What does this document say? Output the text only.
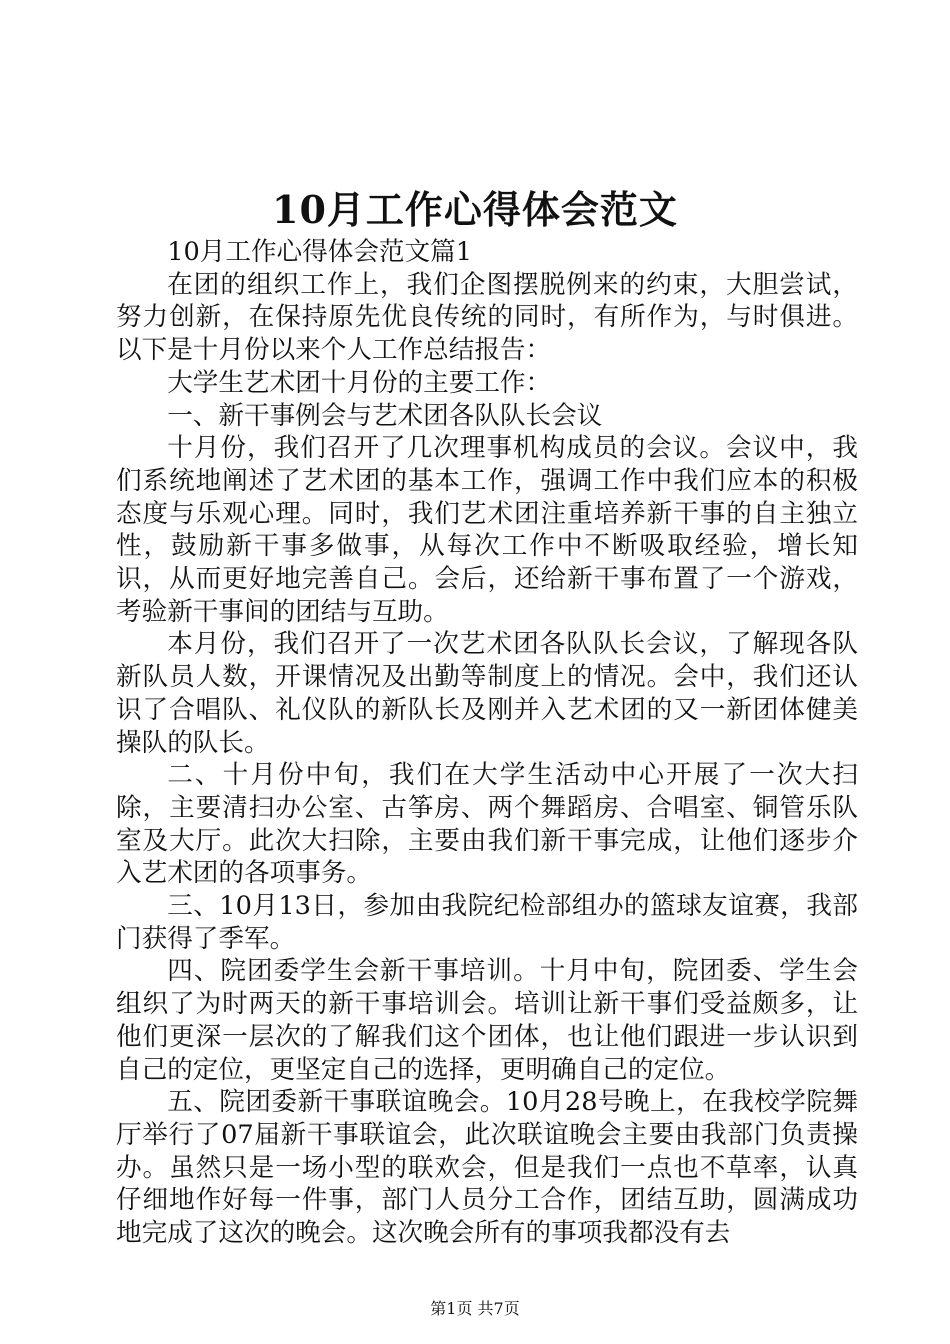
10月工作心得体会范文

10月工作心得体会范文篇1

在团的组织工作上，我们企图摆脱例来的约束，大胆尝试，努力创新，在保持原先优良传统的同时，有所作为，与时俱进。以下是十月份以来个人工作总结报告：

大学生艺术团十月份的主要工作：

一、新干事例会与艺术团各队队长会议

十月份，我们召开了几次理事机构成员的会议。会议中，我们系统地阐述了艺术团的基本工作，强调工作中我们应本的积极态度与乐观心理。同时，我们艺术团注重培养新干事的自主独立性，鼓励新干事多做事，从每次工作中不断吸取经验，增长知识，从而更好地完善自己。会后，还给新干事布置了一个游戏，考验新干事间的团结与互助。

本月份，我们召开了一次艺术团各队队长会议，了解现各队新队员人数，开课情况及出勤等制度上的情况。会中，我们还认识了合唱队、礼仪队的新队长及刚并入艺术团的又一新团体健美操队的队长。

二、十月份中旬，我们在大学生活动中心开展了一次大扫除，主要清扫办公室、古筝房、两个舞蹈房、合唱室、铜管乐队室及大厅。此次大扫除，主要由我们新干事完成，让他们逐步介入艺术团的各项事务。

三、10月13日，参加由我院纪检部组办的篮球友谊赛，我部门获得了季军。

四、院团委学生会新干事培训。十月中旬，院团委、学生会组织了为时两天的新干事培训会。培训让新干事们受益颇多，让他们更深一层次的了解我们这个团体，也让他们跟进一步认识到自己的定位，更坚定自己的选择，更明确自己的定位。

五、院团委新干事联谊晚会。10月28号晚上，在我校学院舞厅举行了07届新干事联谊会，此次联谊晚会主要由我部门负责操办。虽然只是一场小型的联欢会，但是我们一点也不草率，认真仔细地作好每一件事，部门人员分工合作，团结互助，圆满成功地完成了这次的晚会。这次晚会所有的事项我都没有去

第1页 共7页
